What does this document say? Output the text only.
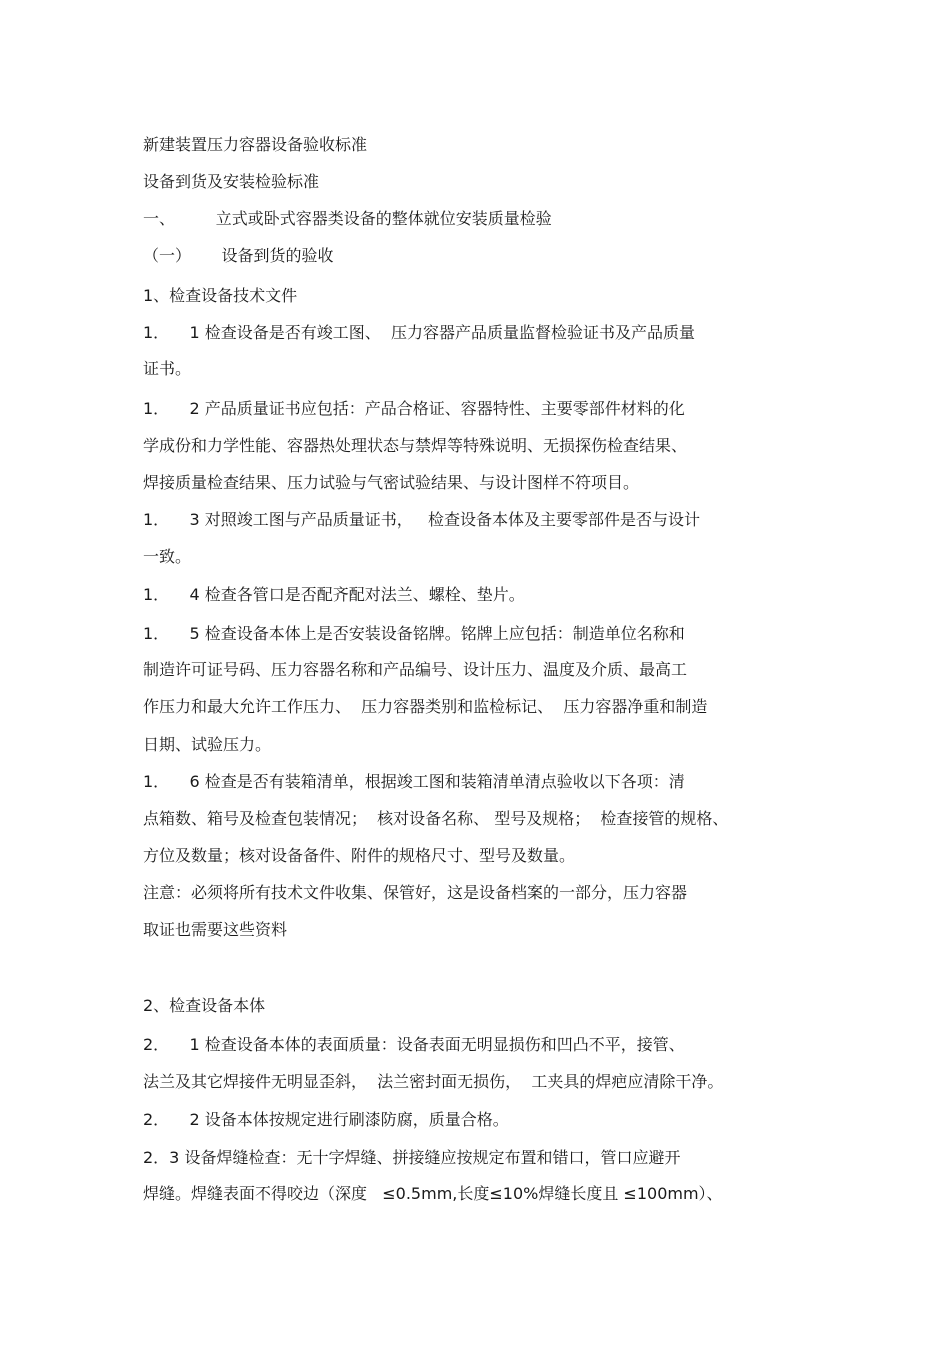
新建装置压力容器设备验收标准
设备到货及安装检验标准
一、        立式或卧式容器类设备的整体就位安装质量检验
（一）      设备到货的验收
1、检查设备技术文件
1．    1 检查设备是否有竣工图、  压力容器产品质量监督检验证书及产品质量
证书。
1．    2 产品质量证书应包括：产品合格证、容器特性、主要零部件材料的化
学成份和力学性能、容器热处理状态与禁焊等特殊说明、无损探伤检查结果、
焊接质量检查结果、压力试验与气密试验结果、与设计图样不符项目。
1．    3 对照竣工图与产品质量证书，   检查设备本体及主要零部件是否与设计
一致。
1．    4 检查各管口是否配齐配对法兰、螺栓、垫片。
1．    5 检查设备本体上是否安装设备铭牌。铭牌上应包括：制造单位名称和
制造许可证号码、压力容器名称和产品编号、设计压力、温度及介质、最高工
作压力和最大允许工作压力、  压力容器类别和监检标记、  压力容器净重和制造
日期、试验压力。
1．    6 检查是否有装箱清单，根据竣工图和装箱清单清点验收以下各项：清
点箱数、箱号及检查包装情况；  核对设备名称、 型号及规格；  检查接管的规格、
方位及数量；核对设备备件、附件的规格尺寸、型号及数量。
注意：必须将所有技术文件收集、保管好，这是设备档案的一部分，压力容器
取证也需要这些资料
2、检查设备本体
2．    1 检查设备本体的表面质量：设备表面无明显损伤和凹凸不平，接管、
法兰及其它焊接件无明显歪斜，  法兰密封面无损伤，  工夹具的焊疤应清除干净。
2．    2 设备本体按规定进行刷漆防腐，质量合格。
2．3 设备焊缝检查：无十字焊缝、拼接缝应按规定布置和错口，管口应避开
焊缝。焊缝表面不得咬边（深度   ≤0.5mm,长度≤10%焊缝长度且 ≤100mm）、
